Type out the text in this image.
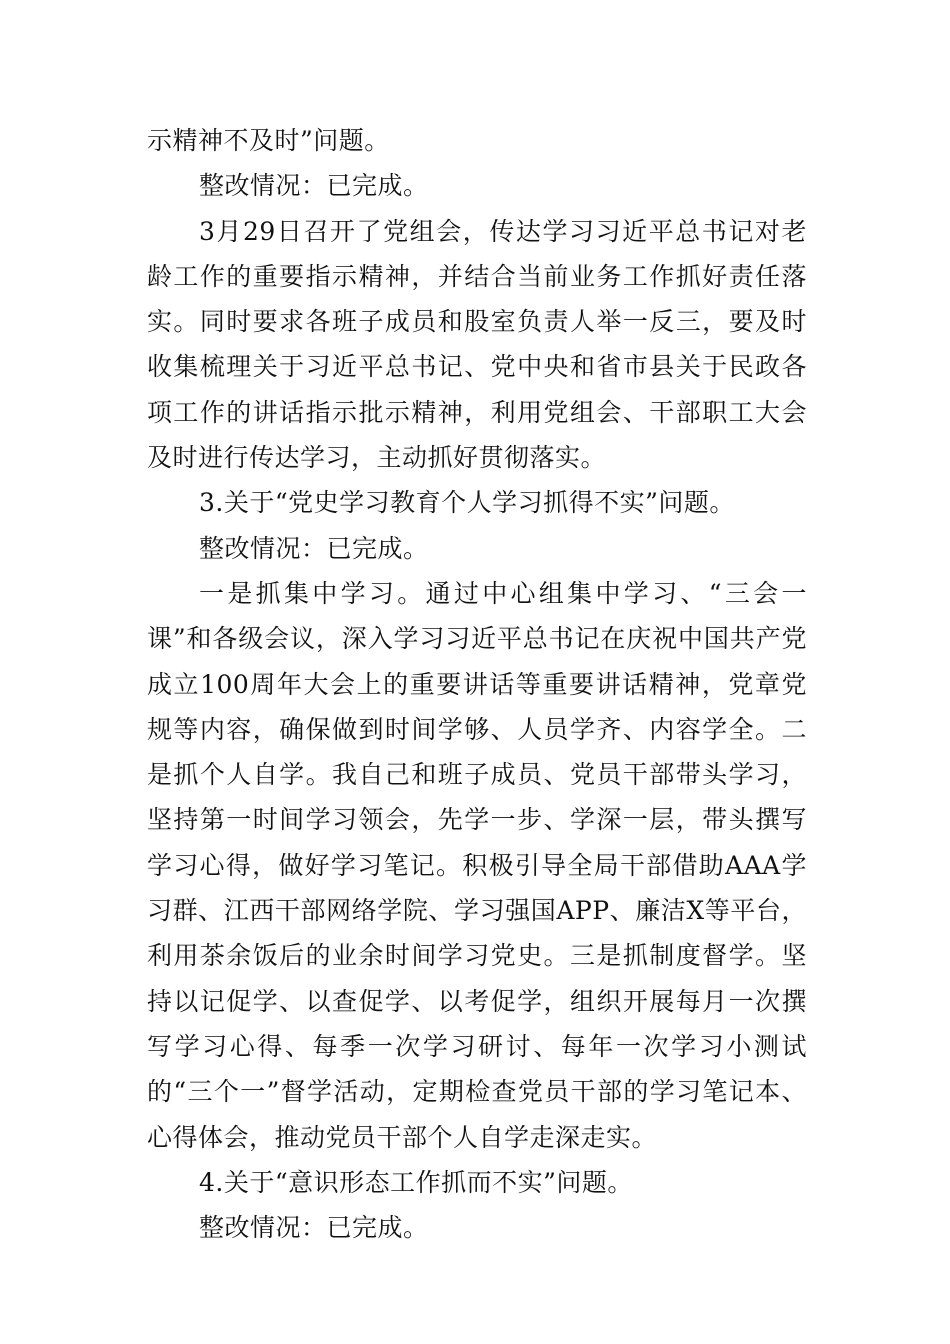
示精神不及时”问题。

整改情况：已完成。

3月29日召开了党组会，传达学习习近平总书记对老龄工作的重要指示精神，并结合当前业务工作抓好责任落实。同时要求各班子成员和股室负责人举一反三，要及时收集梳理关于习近平总书记、党中央和省市县关于民政各项工作的讲话指示批示精神，利用党组会、干部职工大会及时进行传达学习，主动抓好贯彻落实。

3.关于“党史学习教育个人学习抓得不实”问题。

整改情况：已完成。

一是抓集中学习。通过中心组集中学习、“三会一课”和各级会议，深入学习习近平总书记在庆祝中国共产党成立100周年大会上的重要讲话等重要讲话精神，党章党规等内容，确保做到时间学够、人员学齐、内容学全。二是抓个人自学。我自己和班子成员、党员干部带头学习，坚持第一时间学习领会，先学一步、学深一层，带头撰写学习心得，做好学习笔记。积极引导全局干部借助AAA学习群、江西干部网络学院、学习强国APP、廉洁X等平台，利用茶余饭后的业余时间学习党史。三是抓制度督学。坚持以记促学、以查促学、以考促学，组织开展每月一次撰写学习心得、每季一次学习研讨、每年一次学习小测试的“三个一”督学活动，定期检查党员干部的学习笔记本、心得体会，推动党员干部个人自学走深走实。

4.关于“意识形态工作抓而不实”问题。

整改情况：已完成。
